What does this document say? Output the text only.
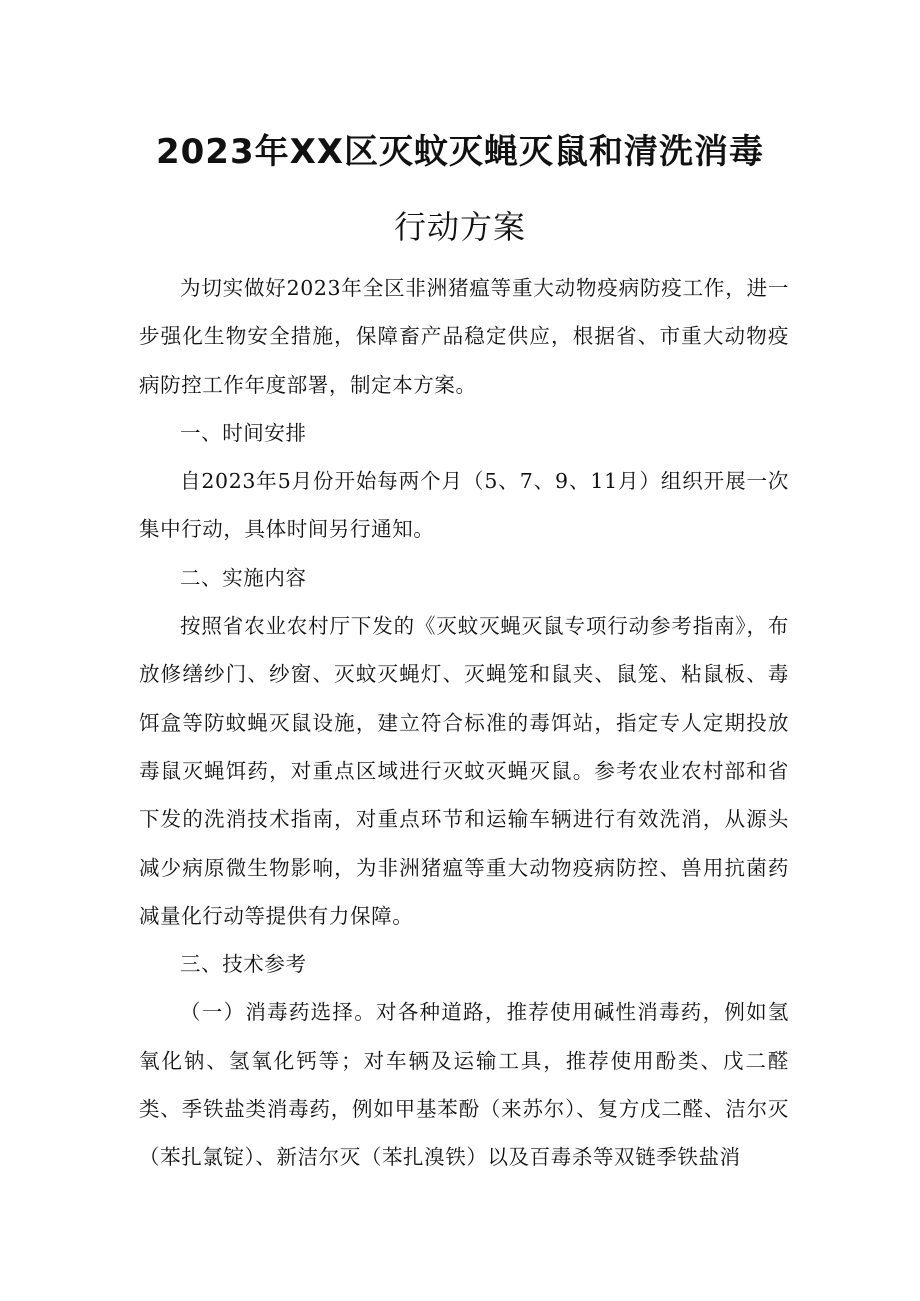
2023年XX区灭蚊灭蝇灭鼠和清洗消毒
行动方案

为切实做好2023年全区非洲猪瘟等重大动物疫病防疫工作，进一步强化生物安全措施，保障畜产品稳定供应，根据省、市重大动物疫病防控工作年度部署，制定本方案。

一、时间安排

自2023年5月份开始每两个月（5、7、9、11月）组织开展一次集中行动，具体时间另行通知。

二、实施内容

按照省农业农村厅下发的《灭蚊灭蝇灭鼠专项行动参考指南》，布放修缮纱门、纱窗、灭蚊灭蝇灯、灭蝇笼和鼠夹、鼠笼、粘鼠板、毒饵盒等防蚊蝇灭鼠设施，建立符合标准的毒饵站，指定专人定期投放毒鼠灭蝇饵药，对重点区域进行灭蚊灭蝇灭鼠。参考农业农村部和省下发的洗消技术指南，对重点环节和运输车辆进行有效洗消，从源头减少病原微生物影响，为非洲猪瘟等重大动物疫病防控、兽用抗菌药减量化行动等提供有力保障。

三、技术参考

（一）消毒药选择。对各种道路，推荐使用碱性消毒药，例如氢氧化钠、氢氧化钙等；对车辆及运输工具，推荐使用酚类、戊二醛类、季铁盐类消毒药，例如甲基苯酚（来苏尔）、复方戊二醛、洁尔灭（苯扎氯锭）、新洁尔灭（苯扎溴铁）以及百毒杀等双链季铁盐消
